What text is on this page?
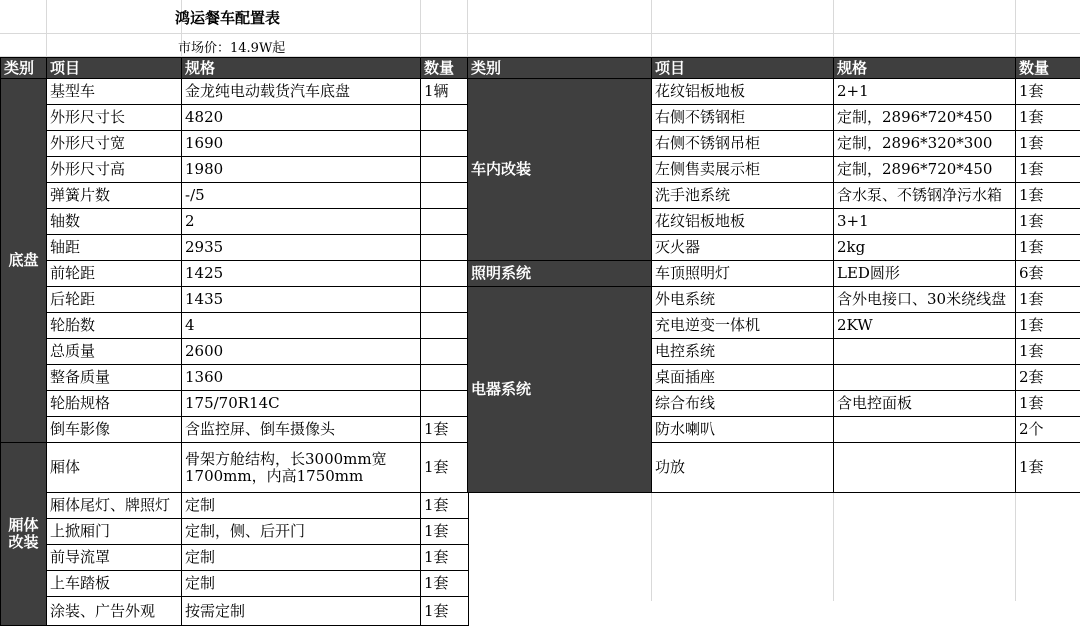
鸿运餐车配置表
市场价：14.9W起
类别	项目	规格	数量
底盘	基型车	金龙纯电动载货汽车底盘	1辆
	外形尺寸长	4820	
	外形尺寸宽	1690	
	外形尺寸高	1980	
	弹簧片数	-/5	
	轴数	2	
	轴距	2935	
	前轮距	1425	
	后轮距	1435	
	轮胎数	4	
	总质量	2600	
	整备质量	1360	
	轮胎规格	175/70R14C	
	倒车影像	含监控屏、倒车摄像头	1套
厢体改装	厢体	骨架方舱结构，长3000mm宽1700mm，内高1750mm	1套
	厢体尾灯、牌照灯	定制	1套
	上掀厢门	定制，侧、后开门	1套
	前导流罩	定制	1套
	上车踏板	定制	1套
	涂装、广告外观	按需定制	1套
类别	项目	规格	数量
车内改装	花纹铝板地板	2+1	1套
	右侧不锈钢柜	定制，2896*720*450	1套
	右侧不锈钢吊柜	定制，2896*320*300	1套
	左侧售卖展示柜	定制，2896*720*450	1套
	洗手池系统	含水泵、不锈钢净污水箱	1套
	花纹铝板地板	3+1	1套
	灭火器	2kg	1套
照明系统	车顶照明灯	LED圆形	6套
电器系统	外电系统	含外电接口、30米绕线盘	1套
	充电逆变一体机	2KW	1套
	电控系统		1套
	桌面插座		2套
	综合布线	含电控面板	1套
	防水喇叭		2个
	功放		1套
